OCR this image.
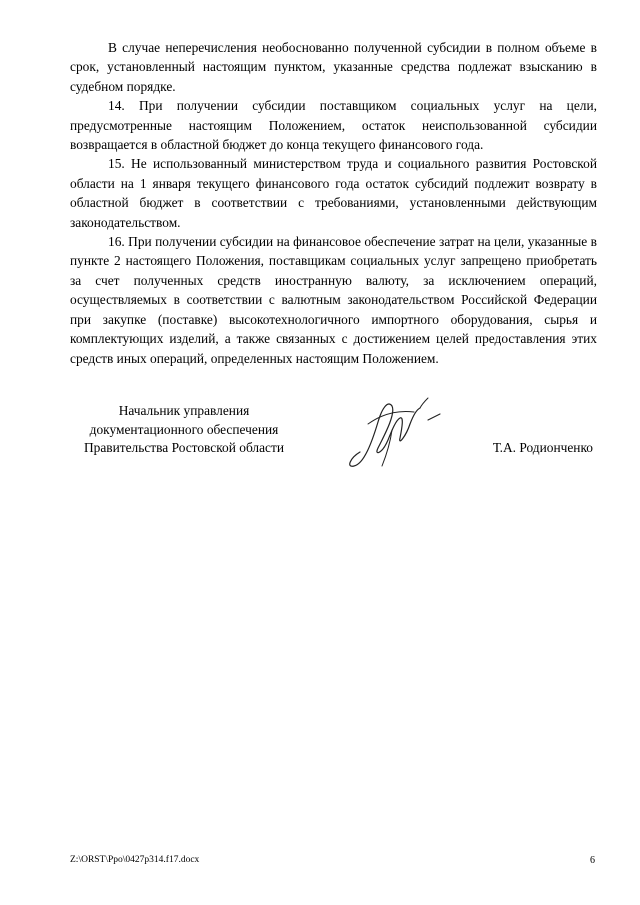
В случае неперечисления необоснованно полученной субсидии в полном объеме в срок, установленный настоящим пунктом, указанные средства подлежат взысканию в судебном порядке.

14. При получении субсидии поставщиком социальных услуг на цели, предусмотренные настоящим Положением, остаток неиспользованной субсидии возвращается в областной бюджет до конца текущего финансового года.

15. Не использованный министерством труда и социального развития Ростовской области на 1 января текущего финансового года остаток субсидий подлежит возврату в областной бюджет в соответствии с требованиями, установленными действующим законодательством.

16. При получении субсидии на финансовое обеспечение затрат на цели, указанные в пункте 2 настоящего Положения, поставщикам социальных услуг запрещено приобретать за счет полученных средств иностранную валюту, за исключением операций, осуществляемых в соответствии с валютным законодательством Российской Федерации при закупке (поставке) высокотехнологичного импортного оборудования, сырья и комплектующих изделий, а также связанных с достижением целей предоставления этих средств иных операций, определенных настоящим Положением.

Начальник управления
документационного обеспечения
Правительства Ростовской области	Т.А. Родионченко
Z:\ORST\Ppo\0427p314.f17.docx	6
